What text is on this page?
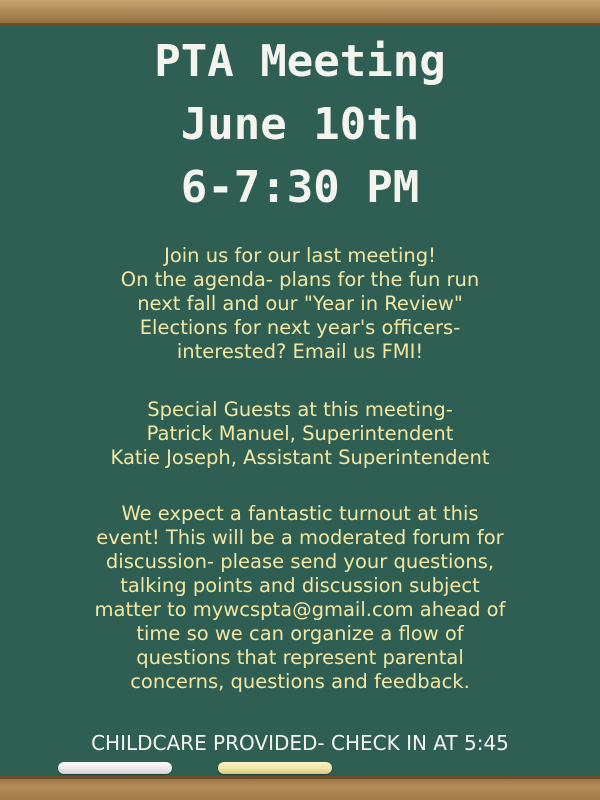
PTA Meeting
June 10th
6-7:30 PM
Join us for our last meeting!
On the agenda- plans for the fun run
next fall and our "Year in Review"
Elections for next year's officers-
interested? Email us FMI!
Special Guests at this meeting-
Patrick Manuel, Superintendent
Katie Joseph, Assistant Superintendent
We expect a fantastic turnout at this
event! This will be a moderated forum for
discussion- please send your questions,
talking points and discussion subject
matter to mywcspta@gmail.com ahead of
time so we can organize a flow of
questions that represent parental
concerns, questions and feedback.
CHILDCARE PROVIDED- CHECK IN AT 5:45
